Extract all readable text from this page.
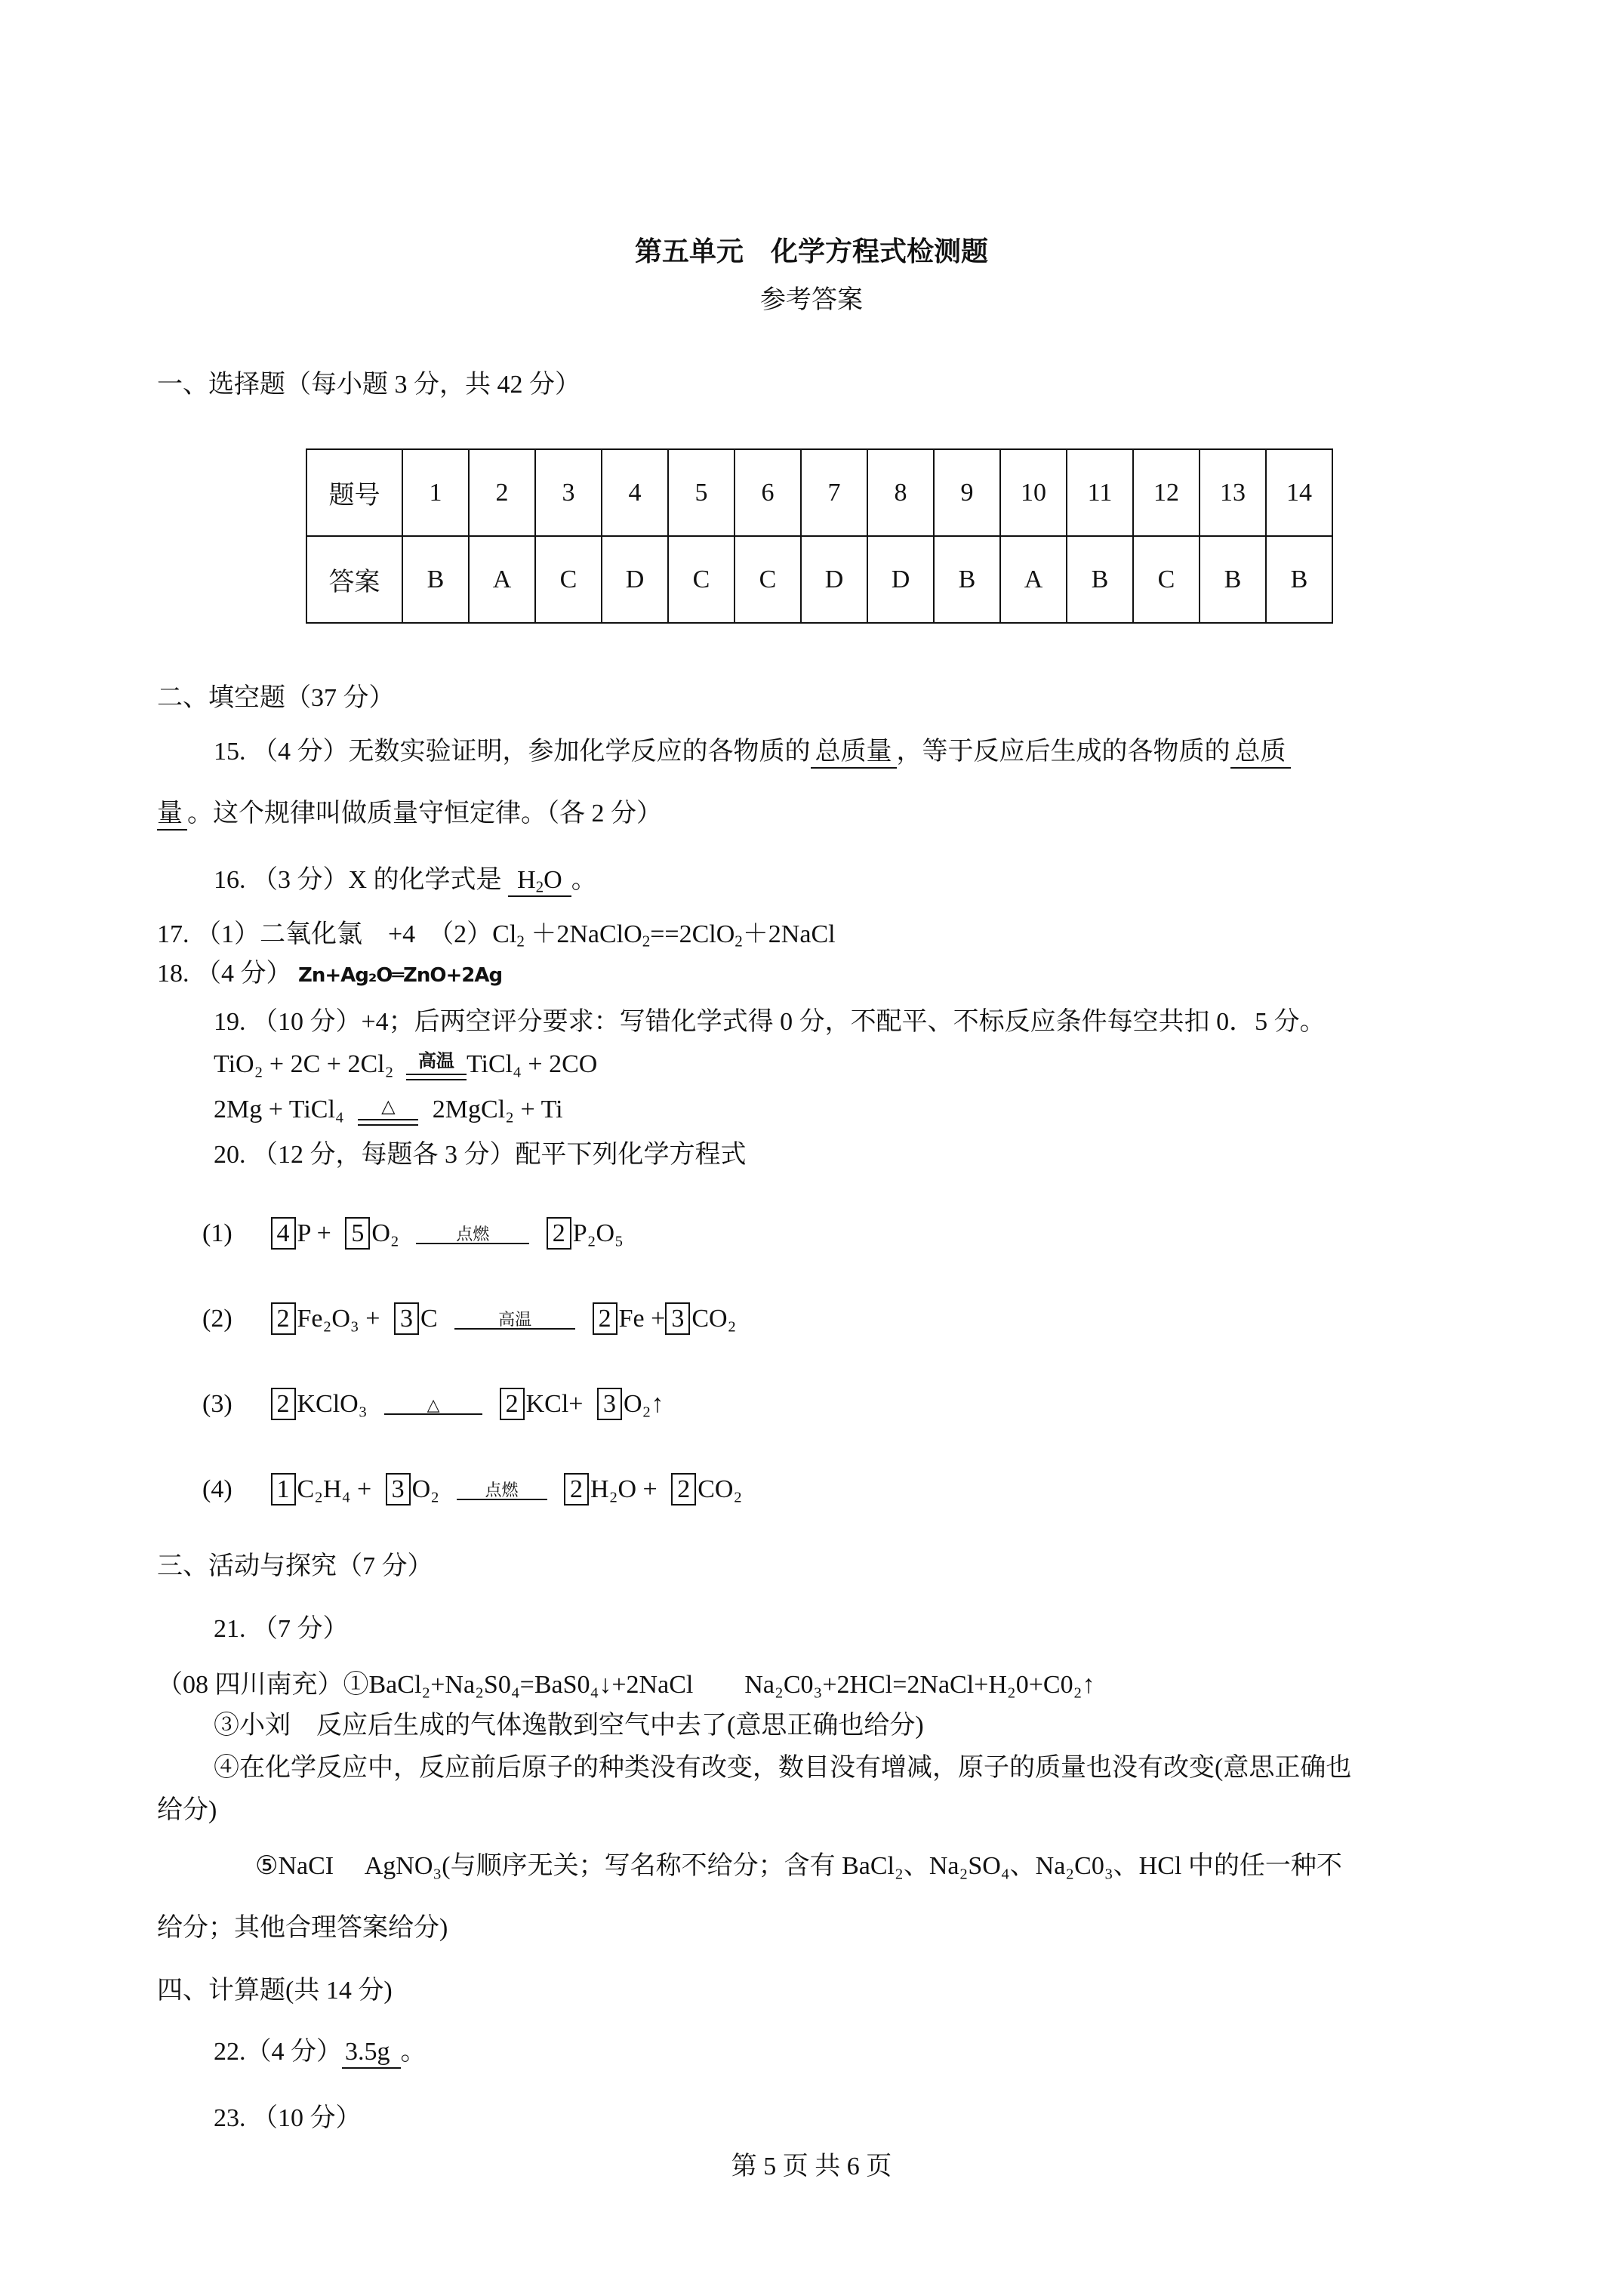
第五单元　化学方程式检测题
参考答案
一、选择题（每小题 3 分，共 42 分）
题号	1	2	3	4	5	6	7	8	9	10	11	12	13	14
答案	B	A	C	D	C	C	D	D	B	A	B	C	B	B
二、填空题（37 分）
15. （4 分）无数实验证明，参加化学反应的各物质的 总质量 ，等于反应后生成的各物质的 总质
量 。这个规律叫做质量守恒定律。（各 2 分）
16. （3 分）X 的化学式是 $H_2O$ 。
17. （1）二氧化氯　+4　$(2)Cl_2$ ＋2NaClO$_2$==2ClO$_2$＋2NaCl
18. （4 分） Zn+Ag₂O═ZnO+2Ag
19. （10 分）+4；后两空评分要求：写错化学式得 0 分，不配平、不标反应条件每空共扣 0．5 分。
TiO₂ + 2C + 2Cl₂	高温 TiCl₄ + 2CO
2Mg + TiCl₄	△	2MgCl₂ + Ti
20. （12 分，每题各 3 分）配平下列化学方程式
(1) 4 P + 5 O₂	点燃	2 P₂O₅
(2) 2 Fe₂O₃ + 3 C	高温	2 Fe + 3 CO₂
(3) 2 KClO₃	△	2 KCl+ 3 O₂↑
(4) 1 C₂H₄ + 3 O₂	点燃	2 H₂O + 2 CO₂
三、活动与探究（7 分）
21. （7 分）
（08 四川南充）①BaCl₂+Na₂S0₄=BaS0₄↓+2NaCl　　Na₂C0₃+2HCl=2NaCl+H₂0+C0₂↑
③小刘　反应后生成的气体逸散到空气中去了(意思正确也给分)
④在化学反应中，反应前后原子的种类没有改变，数目没有增减，原子的质量也没有改变(意思正确也
给分)
⑤NaCI　 AgNO₃(与顺序无关；写名称不给分；含有 BaCl₂、Na₂SO₄、Na₂C0₃、HCl 中的任一种不
给分；其他合理答案给分)
四、计算题(共 14 分)
22.（4 分） 3.5g 。
23. （10 分）
第 5 页 共 6 页
